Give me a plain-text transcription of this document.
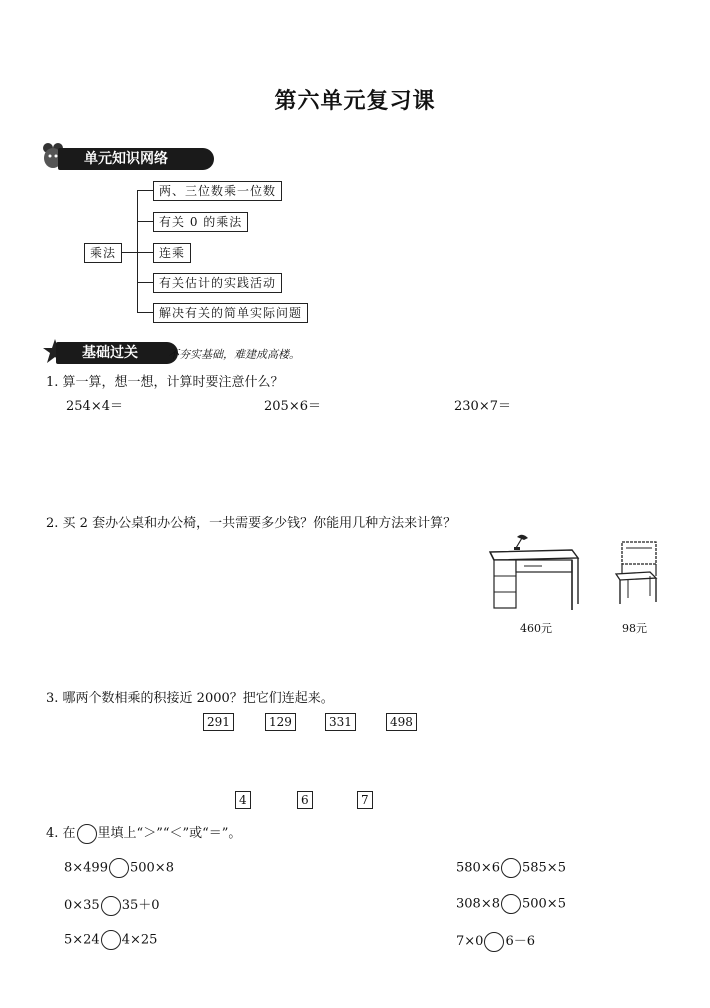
第六单元复习课
单元知识网络
乘法
两、三位数乘一位数
有关 0 的乘法
连乘
有关估计的实践活动
解决有关的简单实际问题
基础过关	不夯实基础，难建成高楼。
1. 算一算，想一想，计算时要注意什么？
254×4＝	205×6＝	230×7＝
2. 买 2 套办公桌和办公椅，一共需要多少钱？你能用几种方法来计算？
460元	98元
3. 哪两个数相乘的积接近 2000？把它们连起来。
291	129	331	498
4	6	7
4. 在 里填上“＞”“＜”或“＝”。
8×499 500×8	580×6 585×5
0×35 35＋0	308×8 500×5
5×24 4×25	7×0 6－6
